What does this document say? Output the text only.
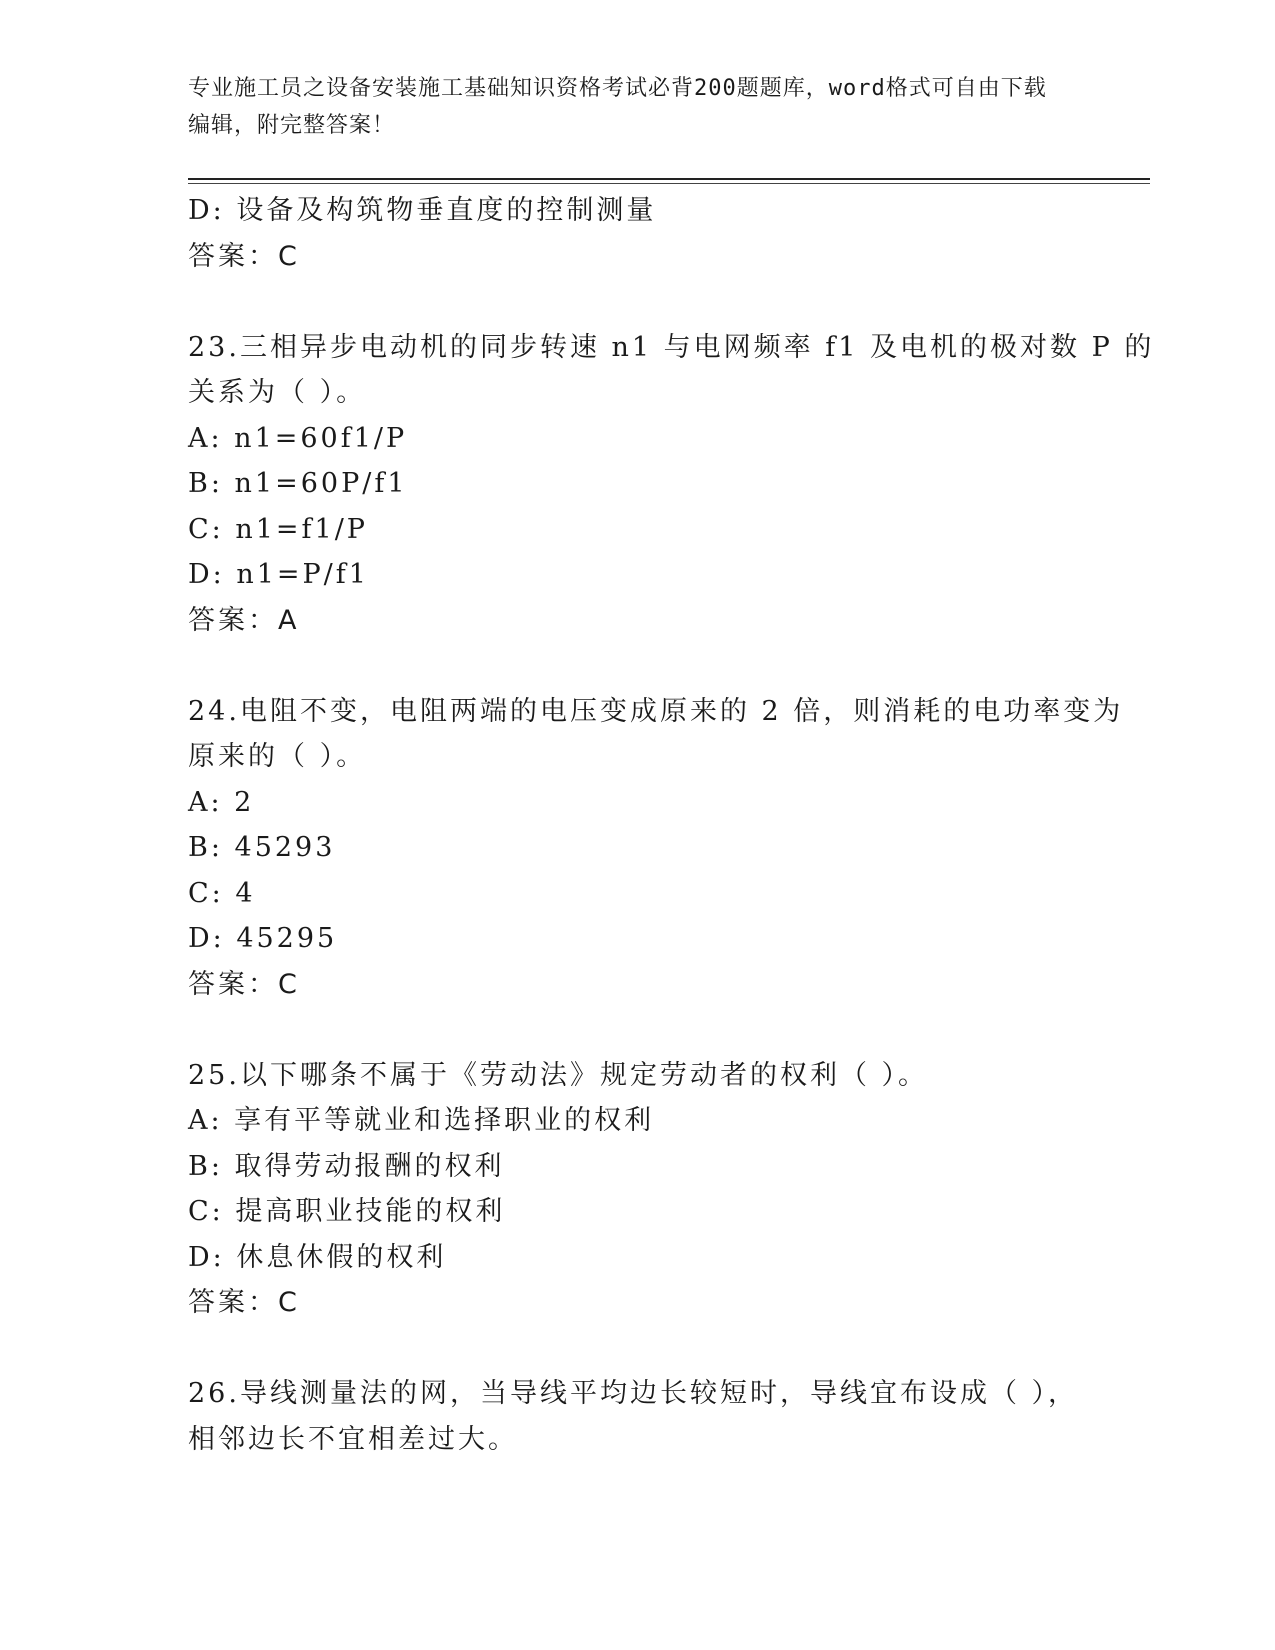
专业施工员之设备安装施工基础知识资格考试必背200题题库，word格式可自由下载编辑，附完整答案！

D: 设备及构筑物垂直度的控制测量

答案：C

23.三相异步电动机的同步转速 n1 与电网频率 f1 及电机的极对数 P 的

关系为（ ）。

A: n1=60f1/P

B: n1=60P/f1

C: n1=f1/P

D: n1=P/f1

答案：A

24.电阻不变，电阻两端的电压变成原来的 2 倍，则消耗的电功率变为

原来的（ ）。

A: 2

B: 45293

C: 4

D: 45295

答案：C

25.以下哪条不属于《劳动法》规定劳动者的权利（ ）。

A: 享有平等就业和选择职业的权利

B: 取得劳动报酬的权利

C: 提高职业技能的权利

D: 休息休假的权利

答案：C

26.导线测量法的网，当导线平均边长较短时，导线宜布设成（ ），

相邻边长不宜相差过大。
